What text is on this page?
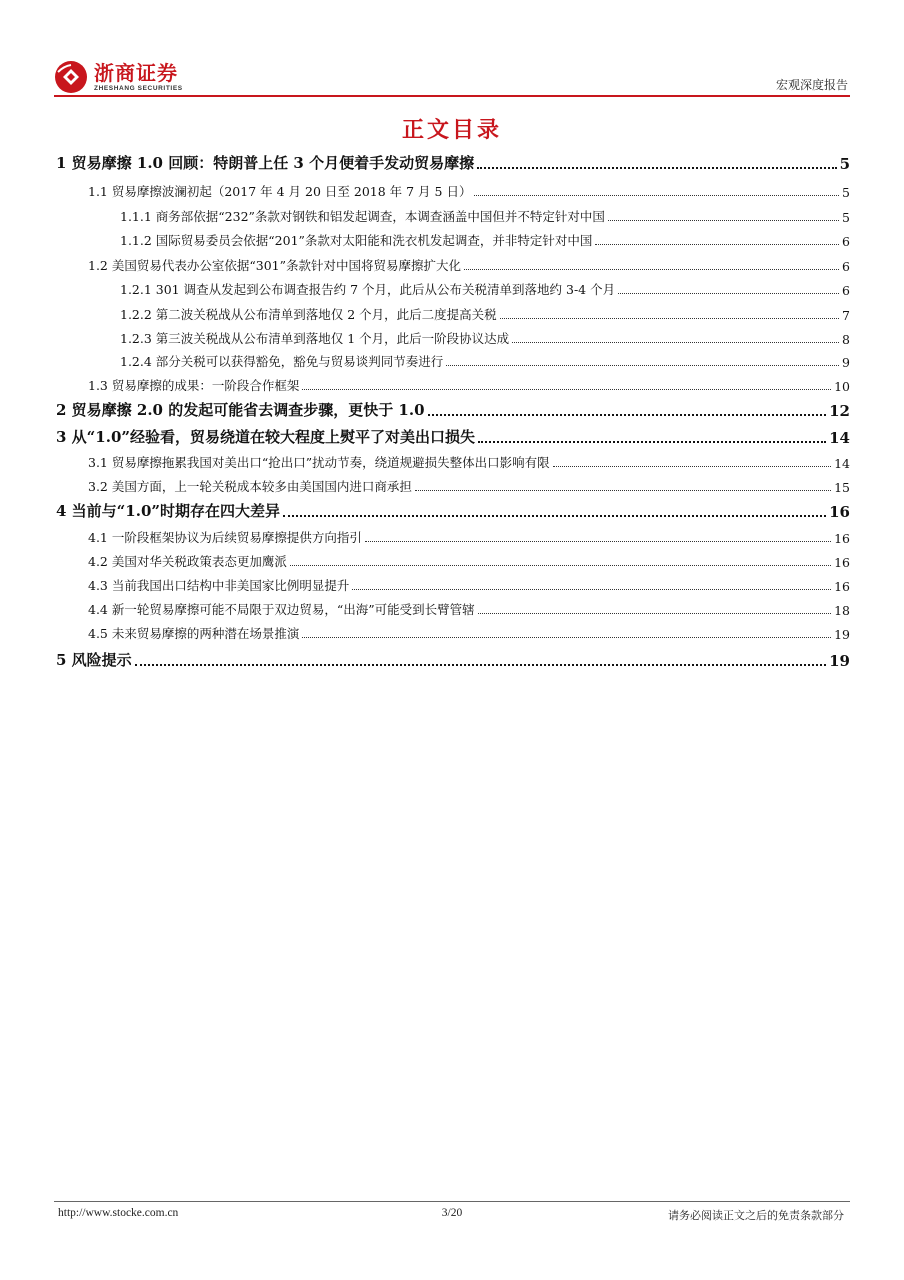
浙商证券
ZHESHANG SECURITIES	宏观深度报告
正文目录
1 贸易摩擦 1.0 回顾：特朗普上任 3 个月便着手发动贸易摩擦	5
1.1 贸易摩擦波澜初起（2017 年 4 月 20 日至 2018 年 7 月 5 日）	5
1.1.1 商务部依据“232”条款对钢铁和铝发起调查，本调查涵盖中国但并不特定针对中国	5
1.1.2 国际贸易委员会依据“201”条款对太阳能和洗衣机发起调查，并非特定针对中国	6
1.2 美国贸易代表办公室依据“301”条款针对中国将贸易摩擦扩大化	6
1.2.1 301 调查从发起到公布调查报告约 7 个月，此后从公布关税清单到落地约 3-4 个月	6
1.2.2 第二波关税战从公布清单到落地仅 2 个月，此后二度提高关税	7
1.2.3 第三波关税战从公布清单到落地仅 1 个月，此后一阶段协议达成	8
1.2.4 部分关税可以获得豁免，豁免与贸易谈判同节奏进行	9
1.3 贸易摩擦的成果：一阶段合作框架	10
2 贸易摩擦 2.0 的发起可能省去调查步骤，更快于 1.0	12
3 从“1.0”经验看，贸易绕道在较大程度上熨平了对美出口损失	14
3.1 贸易摩擦拖累我国对美出口“抢出口”扰动节奏，绕道规避损失整体出口影响有限	14
3.2 美国方面，上一轮关税成本较多由美国国内进口商承担	15
4 当前与“1.0”时期存在四大差异	16
4.1 一阶段框架协议为后续贸易摩擦提供方向指引	16
4.2 美国对华关税政策表态更加鹰派	16
4.3 当前我国出口结构中非美国家比例明显提升	16
4.4 新一轮贸易摩擦可能不局限于双边贸易，“出海”可能受到长臂管辖	18
4.5 未来贸易摩擦的两种潜在场景推演	19
5 风险提示	19
http://www.stocke.com.cn	3/20	请务必阅读正文之后的免责条款部分
